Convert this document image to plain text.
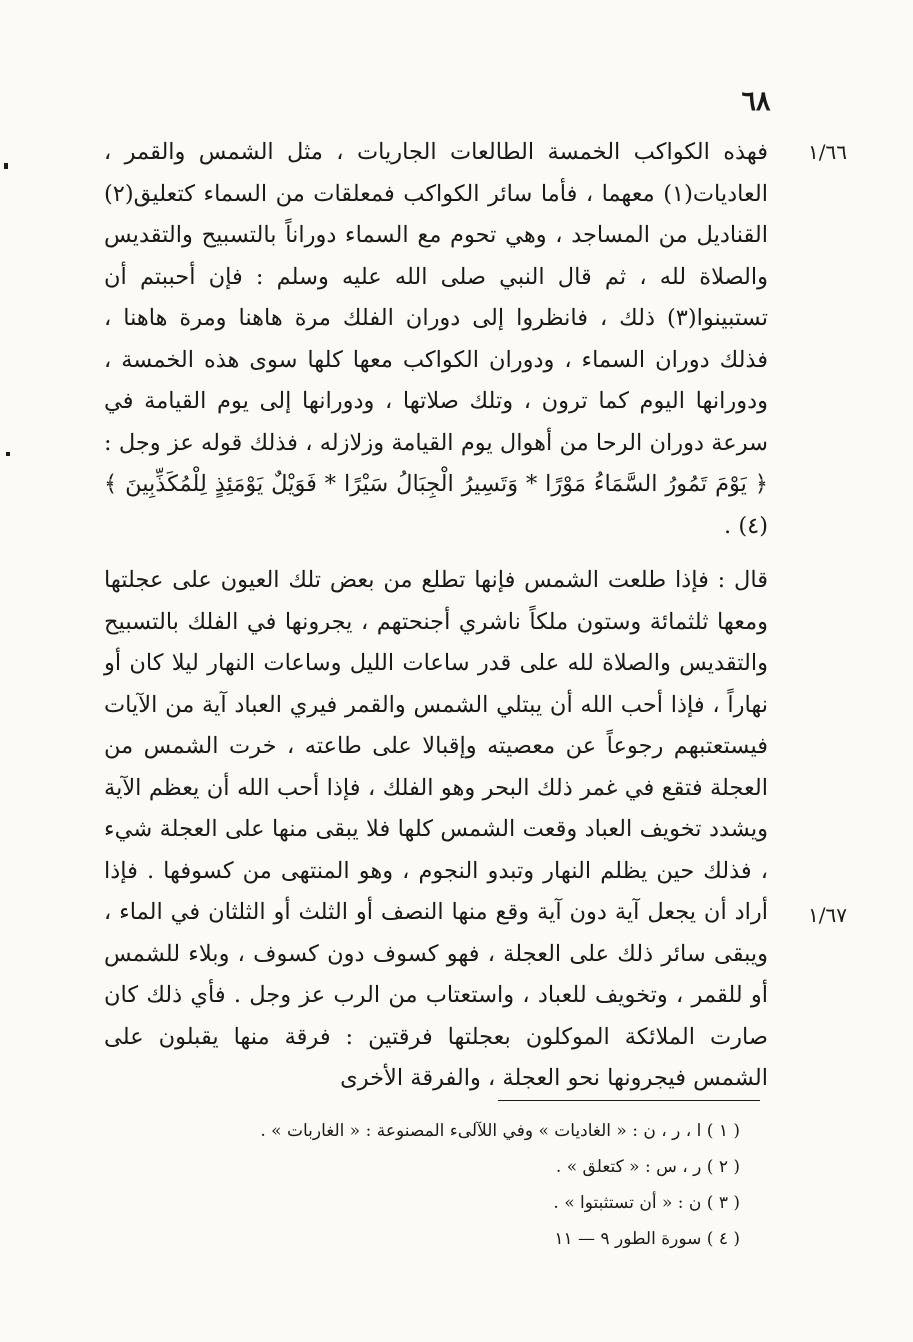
٦٨
١/٦٦
١/٦٧

فهذه الكواكب الخمسة الطالعات الجاريات ، مثل الشمس والقمر ، العاديات(١) معهما ، فأما سائر الكواكب فمعلقات من السماء كتعليق(٢) القناديل من المساجد ، وهي تحوم مع السماء دوراناً بالتسبيح والتقديس والصلاة لله ، ثم قال النبي صلى الله عليه وسلم : فإن أحببتم أن تستبينوا(٣) ذلك ، فانظروا إلى دوران الفلك مرة هاهنا ومرة هاهنا ، فذلك دوران السماء ، ودوران الكواكب معها كلها سوى هذه الخمسة ، ودورانها اليوم كما ترون ، وتلك صلاتها ، ودورانها إلى يوم القيامة في سرعة دوران الرحا من أهوال يوم القيامة وزلازله ، فذلك قوله عز وجل : ﴿ يَوْمَ تَمُورُ السَّمَاءُ مَوْرًا * وَتَسِيرُ الْجِبَالُ سَيْرًا * فَوَيْلٌ يَوْمَئِذٍ لِلْمُكَذِّبِينَ ﴾(٤) .

قال : فإذا طلعت الشمس فإنها تطلع من بعض تلك العيون على عجلتها ومعها ثلثمائة وستون ملكاً ناشري أجنحتهم ، يجرونها في الفلك بالتسبيح والتقديس والصلاة لله على قدر ساعات الليل وساعات النهار ليلا كان أو نهاراً ، فإذا أحب الله أن يبتلي الشمس والقمر فيري العباد آية من الآيات فيستعتبهم رجوعاً عن معصيته وإقبالا على طاعته ، خرت الشمس من العجلة فتقع في غمر ذلك البحر وهو الفلك ، فإذا أحب الله أن يعظم الآية ويشدد تخويف العباد وقعت الشمس كلها فلا يبقى منها على العجلة شيء ، فذلك حين يظلم النهار وتبدو النجوم ، وهو المنتهى من كسوفها . فإذا أراد أن يجعل آية دون آية وقع منها النصف أو الثلث أو الثلثان في الماء ، ويبقى سائر ذلك على العجلة ، فهو كسوف دون كسوف ، وبلاء للشمس أو للقمر ، وتخويف للعباد ، واستعتاب من الرب عز وجل . فأي ذلك كان صارت الملائكة الموكلون بعجلتها فرقتين : فرقة منها يقبلون على الشمس فيجرونها نحو العجلة ، والفرقة الأخرى

( ١ ) ا ، ر ، ن : « الغاديات » وفي اللآلىء المصنوعة : « الغاربات » .
( ٢ ) ر ، س : « كتعلق » .
( ٣ ) ن : « أن تستثبتوا » .
( ٤ ) سورة الطور ٩ — ١١
